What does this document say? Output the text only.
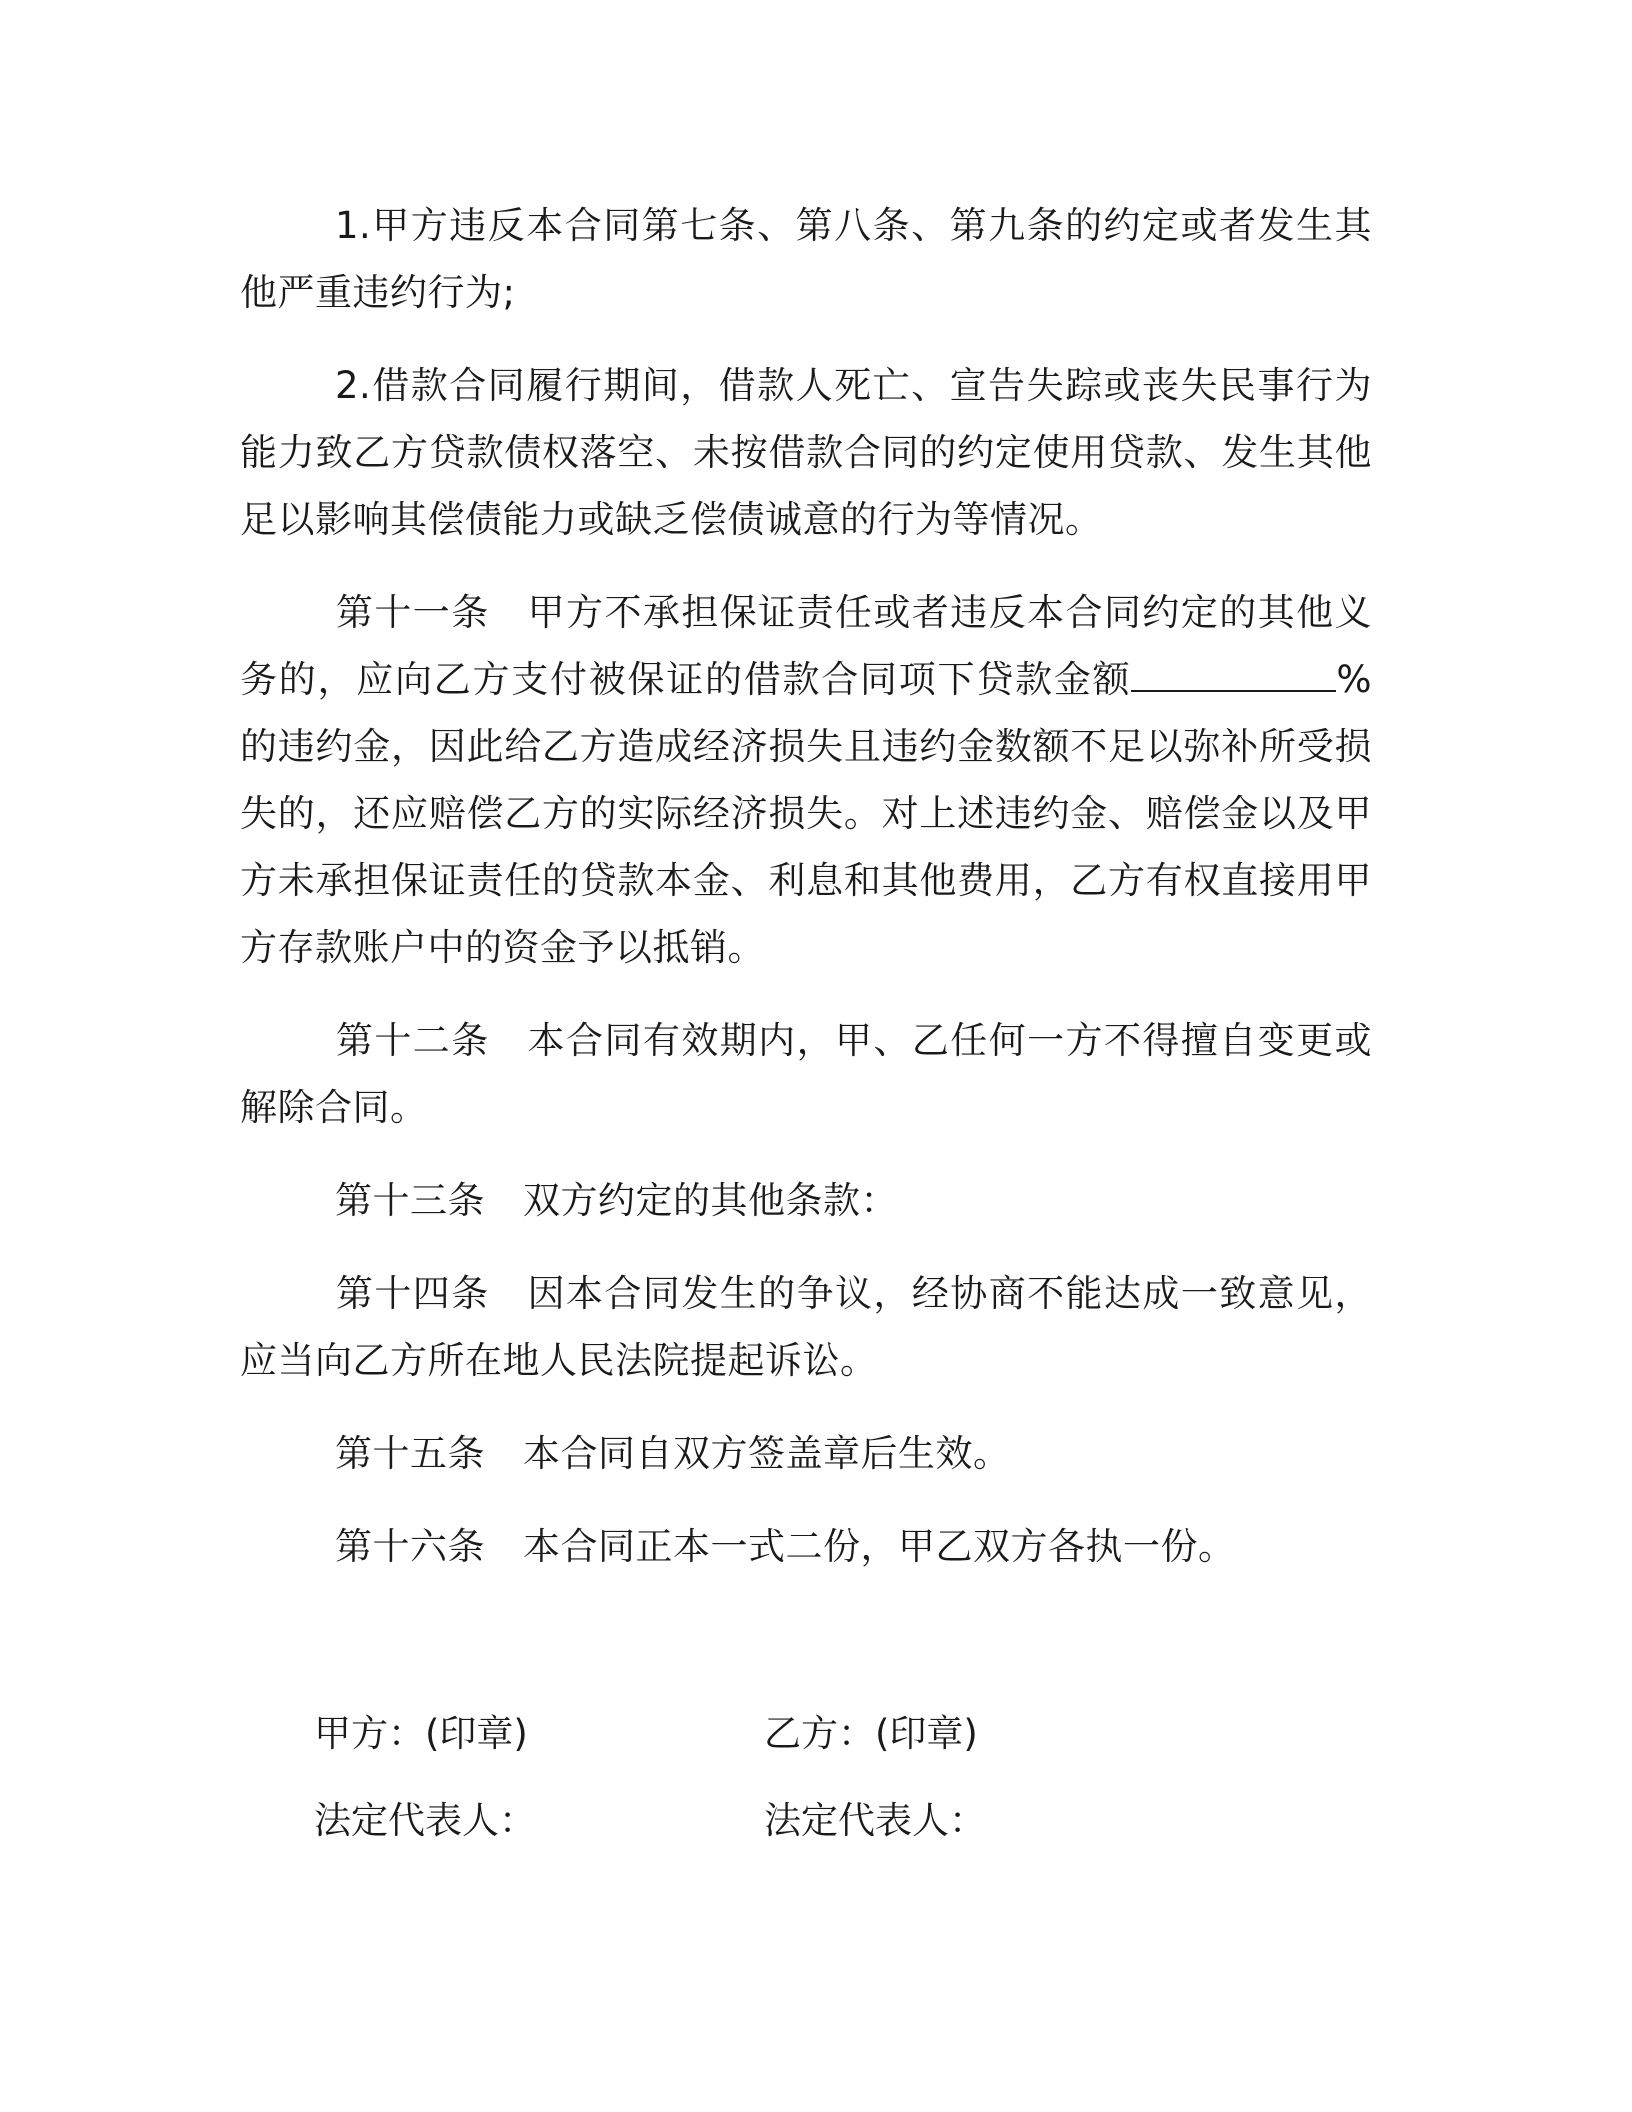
1.甲方违反本合同第七条、第八条、第九条的约定或者发生其他严重违约行为;

2.借款合同履行期间，借款人死亡、宣告失踪或丧失民事行为能力致乙方贷款债权落空、未按借款合同的约定使用贷款、发生其他足以影响其偿债能力或缺乏偿债诚意的行为等情况。

第十一条 甲方不承担保证责任或者违反本合同约定的其他义务的，应向乙方支付被保证的借款合同项下贷款金额	%的违约金，因此给乙方造成经济损失且违约金数额不足以弥补所受损失的，还应赔偿乙方的实际经济损失。对上述违约金、赔偿金以及甲方未承担保证责任的贷款本金、利息和其他费用，乙方有权直接用甲方存款账户中的资金予以抵销。

第十二条 本合同有效期内，甲、乙任何一方不得擅自变更或解除合同。

第十三条 双方约定的其他条款：

第十四条 因本合同发生的争议，经协商不能达成一致意见，应当向乙方所在地人民法院提起诉讼。

第十五条 本合同自双方签盖章后生效。

第十六条 本合同正本一式二份，甲乙双方各执一份。

甲方：(印章)	乙方：(印章)
法定代表人：	法定代表人：
